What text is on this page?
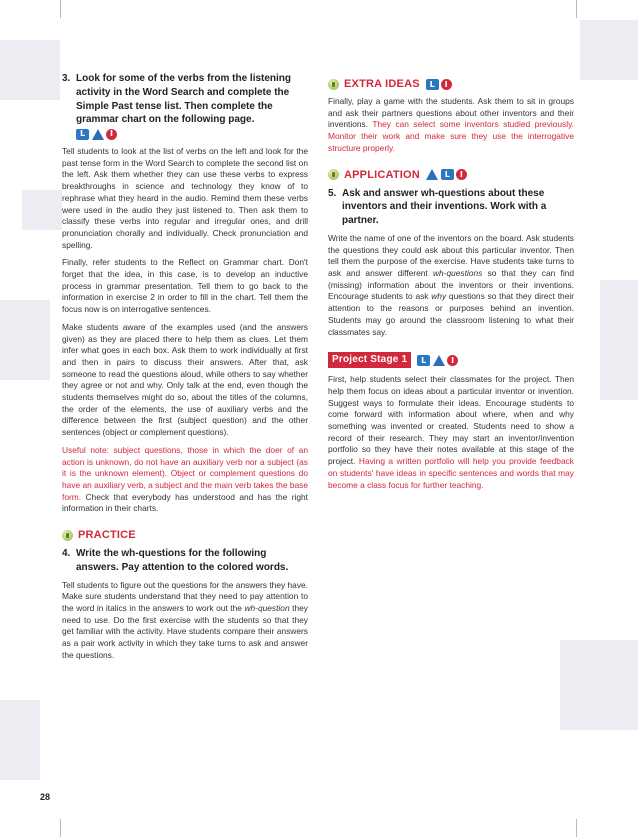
3. Look for some of the verbs from the listening activity in the Word Search and complete the Simple Past tense list. Then complete the grammar chart on the following page.

L	I

Tell students to look at the list of verbs on the left and look for the past tense form in the Word Search to complete the second list on the left. Ask them whether they can use these verbs to express breakthroughs in science and technology they know of to rephrase what they heard in the audio. Remind them these verbs were used in the audio they just listened to. Then ask them to classify these verbs into regular and irregular ones, and drill pronunciation chorally and individually. Check pronunciation and spelling.

Finally, refer students to the Reflect on Grammar chart. Don't forget that the idea, in this case, is to develop an inductive process in grammar presentation. Tell them to go back to the information in exercise 2 in order to fill in the chart. Tell them the focus now is on interrogative sentences.

Make students aware of the examples used (and the answers given) as they are placed there to help them as clues. Let them infer what goes in each box. Ask them to work individually at first and then in pairs to discuss their answers. After that, ask someone to read the questions aloud, while others to say whether they agree or not and why. Only talk at the end, even though the students themselves might do so, about the titles of the columns, the order of the elements, the use of auxiliary verbs and the difference between the first (subject question) and the other sentences (object or complement questions).

Useful note: subject questions, those in which the doer of an action is unknown, do not have an auxiliary verb nor a subject (as it is the unknown element). Object or complement questions do have an auxiliary verb, a subject and the main verb takes the base form. Check that everybody has understood and has the right information in their charts.

PRACTICE
4. Write the wh-questions for the following answers. Pay attention to the colored words.

Tell students to figure out the questions for the answers they have. Make sure students understand that they need to pay attention to the word in italics in the answers to work out the wh-question they need to use. Do the first exercise with the students so that they get familiar with the activity. Have students compare their answers as a pair work activity in which they take turns to ask and answer the questions.

EXTRA IDEAS	L	I

Finally, play a game with the students. Ask them to sit in groups and ask their partners questions about other inventors and their inventions. They can select some inventors studied previously. Monitor their work and make sure they use the interrogative structure properly.

APPLICATION	L	I
5. Ask and answer wh-questions about these inventors and their inventions. Work with a partner.

Write the name of one of the inventors on the board. Ask students the questions they could ask about this particular inventor. Then tell them the purpose of the exercise. Have students take turns to ask and answer different wh-questions so that they can find (missing) information about the inventors or their inventions. Encourage students to ask why questions so that they direct their attention to the reasons or purposes behind an invention. Students may go around the classroom listening to what their classmates say.

Project Stage 1	L	I

First, help students select their classmates for the project. Then help them focus on ideas about a particular inventor or invention. Suggest ways to formulate their ideas. Encourage students to come forward with information about where, when and why something was invented or created. Students need to show a record of their research. They may start an inventor/invention portfolio so they have their notes available at this stage of the project. Having a written portfolio will help you provide feedback on students' have ideas in specific sentences and words that may become a class focus for further teaching.

28
